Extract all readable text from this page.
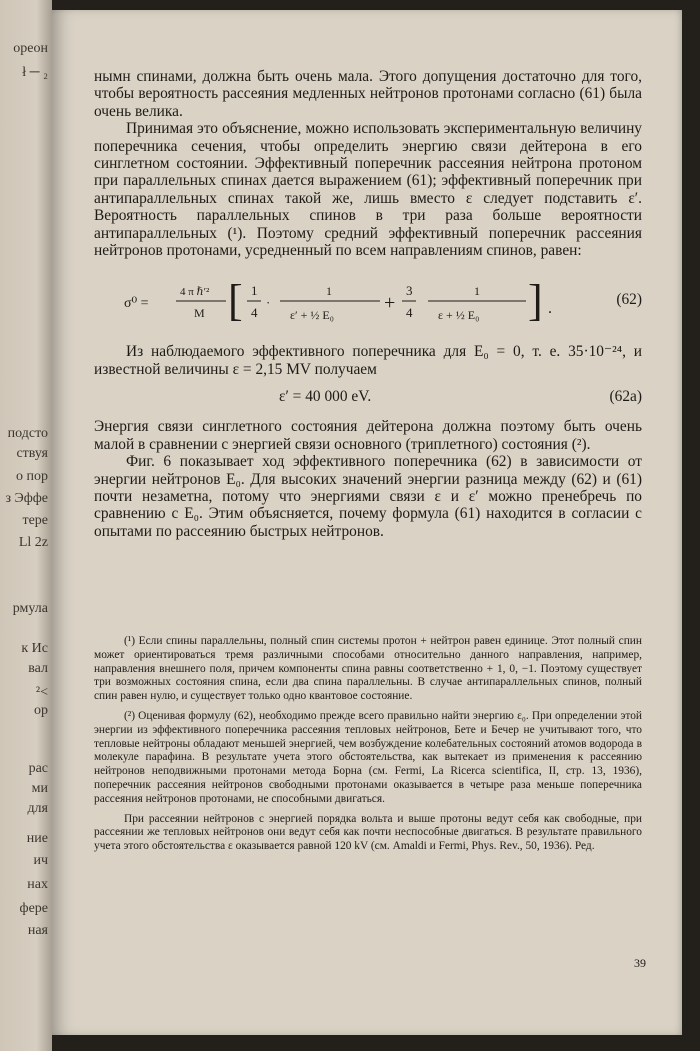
ореон
ł ─ ₂
подсто
ствуя
о пор
з Эффе
тере
Ll 2z
рмула
к Ис
вал
²<
ор
рас
ми
для
ние
ич
нах
фере
ная

нымн спинами, должна быть очень мала. Этого допущения достаточно для того, чтобы вероятность рассеяния медленных нейтронов протонами согласно (61) была очень велика.

Принимая это объяснение, можно использовать экспериментальную величину поперечника сечения, чтобы определить энергию связи дейтерона в его синглетном состоянии. Эффективный поперечник рассеяния нейтрона протоном при параллельных спинах дается выражением (61); эффективный поперечник при антипараллельных спинах такой же, лишь вместо ε следует подставить ε′. Вероятность параллельных спинов в три раза больше вероятности антипараллельных (¹). Поэтому средний эффективный поперечник рассеяния нейтронов протонами, усредненный по всем направлениям спинов, равен:

σ⁰ =
4 π ℏ′²
M [ 1
4
·
1
ε′ + ½ E₀
+
3
4
1
ε + ½ E₀ ] .
(62)

Из наблюдаемого эффективного поперечника для E₀ = 0, т. е. 35·10⁻²⁴, и известной величины ε = 2,15 MV получаем

ε′ = 40 000 eV.	(62a)

Энергия связи синглетного состояния дейтерона должна поэтому быть очень малой в сравнении с энергией связи основного (триплетного) состояния (²).

Фиг. 6 показывает ход эффективного поперечника (62) в зависимости от энергии нейтронов E₀. Для высоких значений энергии разница между (62) и (61) почти незаметна, потому что энергиями связи ε и ε′ можно пренебречь по сравнению с E₀. Этим объясняется, почему формула (61) находится в согласии с опытами по рассеянию быстрых нейтронов.

(¹) Если спины параллельны, полный спин системы протон + нейтрон равен единице. Этот полный спин может ориентироваться тремя различными способами относительно данного направления, например, направления внешнего поля, причем компоненты спина равны соответственно + 1, 0, −1. Поэтому существует три возможных состояния спина, если два спина параллельны. В случае антипараллельных спинов, полный спин равен нулю, и существует только одно квантовое состояние.

(²) Оценивая формулу (62), необходимо прежде всего правильно найти энергию ε₀. При определении этой энергии из эффективного поперечника рассеяния тепловых нейтронов, Бете и Бечер не учитывают того, что тепловые нейтроны обладают меньшей энергией, чем возбуждение колебательных состояний атомов водорода в молекуле парафина. В результате учета этого обстоятельства, как вытекает из применения к рассеянию нейтронов неподвижными протонами метода Борна (см. Fermi, La Ricerca scientifica, II, стр. 13, 1936), поперечник рассеяния нейтронов свободными протонами оказывается в четыре раза меньше поперечника рассеяния нейтронов протонами, не способными двигаться.

При рассеянии нейтронов с энергией порядка вольта и выше протоны ведут себя как свободные, при рассеянии же тепловых нейтронов они ведут себя как почти неспособные двигаться. В результате правильного учета этого обстоятельства ε оказывается равной 120 kV (см. Amaldi и Fermi, Phys. Rev., 50, 1936). Ред.

39
